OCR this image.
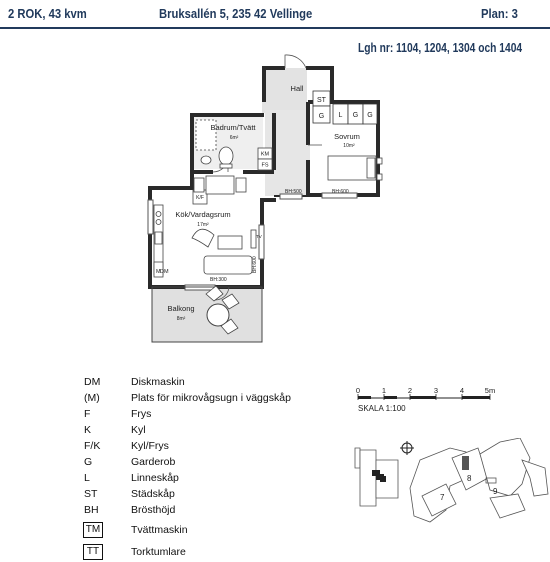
2 ROK, 43 kvm	Bruksallén 5, 235 42 Vellinge	Plan: 3
Lgh nr: 1104, 1204, 1304 och 1404
ST
G L G G
KM
FS
K/F
M DM
TV
BH:500	BH:600
BH:300
BH:600
Hall
Badrum/Tvätt
6m²	Sovrum
10m²
Kök/Vardagsrum
17m²
Balkong
8m²
0	1	2	3	4	5m
SKALA 1:100
7
8
9
DM	Diskmaskin
(M)	Plats för mikrovågsugn i väggskåp
F	Frys
K	Kyl
F/K	Kyl/Frys
G	Garderob
L	Linneskåp
ST	Städskåp
BH	Brösthöjd
TM	Tvättmaskin
TT	Torktumlare
